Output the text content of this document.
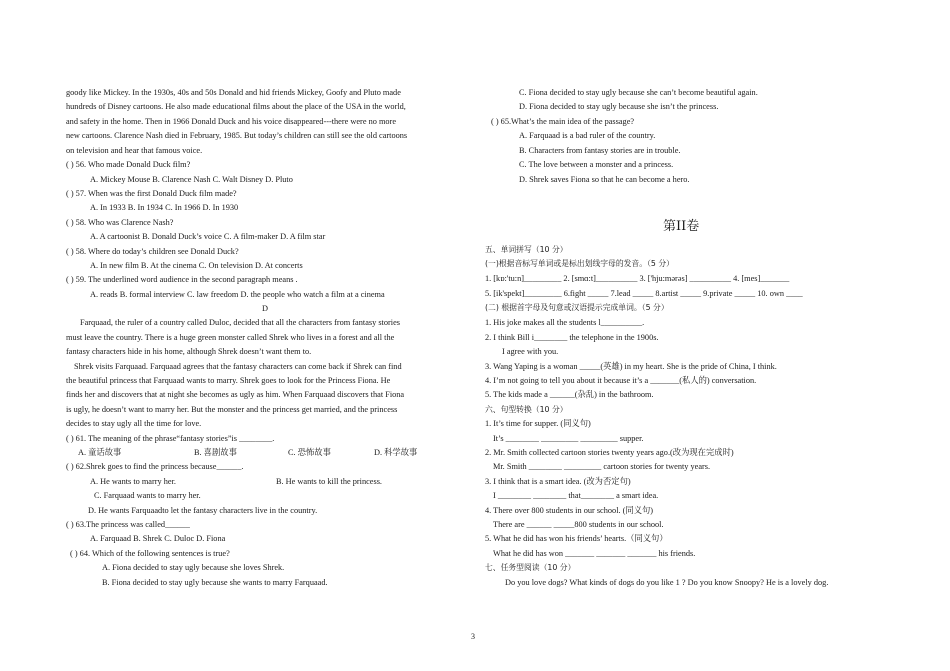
goody like Mickey. In the 1930s, 40s and 50s Donald and hid friends Mickey, Goofy and Pluto made
hundreds of Disney cartoons. He also made educational films about the place of the USA in the world,
and safety in the home. Then in 1966 Donald Duck and his voice disappeared---there were no more
new cartoons. Clarence Nash died in February, 1985. But today’s children can still see the old cartoons
on television and hear that famous voice.
( ) 56. Who made Donald Duck film?
A. Mickey Mouse B. Clarence Nash C. Walt Disney D. Pluto
( ) 57. When was the first Donald Duck film made?
A. In 1933 B. In 1934 C. In 1966 D. In 1930
( ) 58. Who was Clarence Nash?
A. A cartoonist B. Donald Duck’s voice C. A film-maker D. A film star
( ) 58. Where do today’s children see Donald Duck?
A. In new film B. At the cinema C. On television D. At concerts
( ) 59. The underlined word audience in the second paragraph means .
A. reads B. formal interview C. law freedom D. the people who watch a film at a cinema
D
Farquaad, the ruler of a country called Duloc, decided that all the characters from fantasy stories
must leave the country. There is a huge green monster called Shrek who lives in a forest and all the
fantasy characters hide in his home, although Shrek doesn’t want them to.
Shrek visits Farquaad. Farquaad agrees that the fantasy characters can come back if Shrek can find
the beautiful princess that Farquaad wants to marry. Shrek goes to look for the Princess Fiona. He
finds her and discovers that at night she becomes as ugly as him. When Farquaad discovers that Fiona
is ugly, he doesn’t want to marry her. But the monster and the princess get married, and the princess
decides to stay ugly all the time for love.
( ) 61. The meaning of the phrase“fantasy stories”is ________.
A. 童话故事	B. 喜剧故事	C. 恐怖故事	D. 科学故事
( ) 62.Shrek goes to find the princess because______.
A. He wants to marry her.	B. He wants to kill the princess.
C. Farquaad wants to marry her.
D. He wants Farquaadto let the fantasy characters live in the country.
( ) 63.The princess was called______
A. Farquaad B. Shrek C. Duloc D. Fiona
( ) 64. Which of the following sentences is true?
A. Fiona decided to stay ugly because she loves Shrek.
B. Fiona decided to stay ugly because she wants to marry Farquaad.
C. Fiona decided to stay ugly because she can’t become beautiful again.
D. Fiona decided to stay ugly because she isn’t the princess.
( ) 65.What’s the main idea of the passage?
A. Farquaad is a bad ruler of the country.
B. Characters from fantasy stories are in trouble.
C. The love between a monster and a princess.
D. Shrek saves Fiona so that he can become a hero.
第II卷
五、单词拼写（10 分）
(一)根据音标写单词或是标出划线字母的发音。（5 分）
1. [kɒ:'tu:n]_________ 2. [smɑ:t]__________ 3. ['hju:mərəs] __________ 4. [mes]_______
5. [ik'spekt]_________ 6.fight _____ 7.lead _____ 8.artist _____ 9.private _____ 10. own ____
(二) 根据首字母及句意或汉语提示完成单词。（5 分）
1. His joke makes all the students l__________.
2. I think Bill i________ the telephone in the 1900s.
I agree with you.
3. Wang Yaping is a woman _____(英雄) in my heart. She is the pride of China, I think.
4. I’m not going to tell you about it because it’s a _______(私人的) conversation.
5. The kids made a ______(杂乱) in the bathroom.
六、句型转换（10 分）
1. It’s time for supper. (同义句)
It’s ________ _________ _________ supper.
2. Mr. Smith collected cartoon stories twenty years ago.(改为现在完成时)
Mr. Smith ________ _________ cartoon stories for twenty years.
3. I think that is a smart idea. (改为否定句)
I ________ ________ that________ a smart idea.
4. There over 800 students in our school. (同义句)
There are ______ _____800 students in our school.
5. What he did has won his friends’ hearts.（同义句）
What he did has won _______ _______ _______ his friends.
七、任务型阅读（10 分）
Do you love dogs? What kinds of dogs do you like 1 ? Do you know Snoopy? He is a lovely dog.
3
